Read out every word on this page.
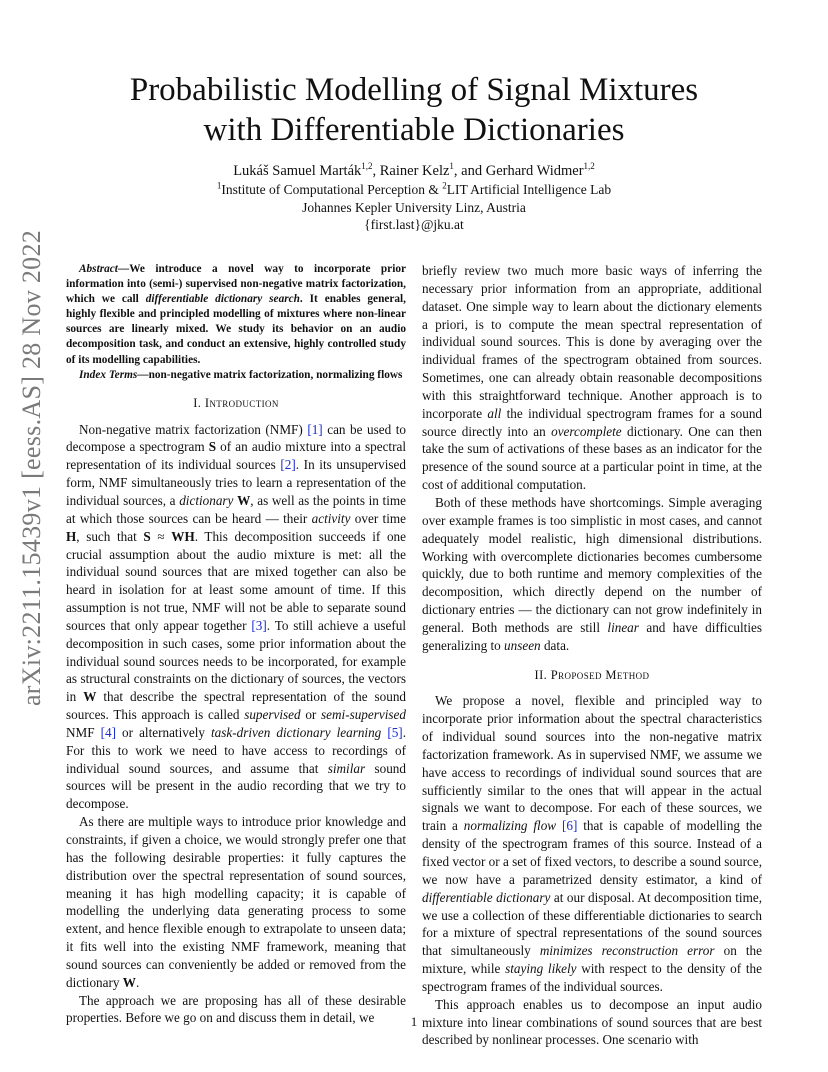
arXiv:2211.15439v1 [eess.AS] 28 Nov 2022
Probabilistic Modelling of Signal Mixtures
with Differentiable Dictionaries
Lukáš Samuel Marták$^{1,2}$, Rainer Kelz$^1$, and Gerhard Widmer$^{1,2}$
$^1$Institute of Computational Perception & $^2$LIT Artificial Intelligence Lab
Johannes Kepler University Linz, Austria
{first.last}@jku.at

Abstract—We introduce a novel way to incorporate prior information into (semi-) supervised non-negative matrix factorization, which we call differentiable dictionary search. It enables general, highly flexible and principled modelling of mixtures where non-linear sources are linearly mixed. We study its behavior on an audio decomposition task, and conduct an extensive, highly controlled study of its modelling capabilities.

Index Terms—non-negative matrix factorization, normalizing flows

I. Introduction

Non-negative matrix factorization (NMF) [1] can be used to decompose a spectrogram S of an audio mixture into a spectral representation of its individual sources [2]. In its unsupervised form, NMF simultaneously tries to learn a representation of the individual sources, a dictionary W, as well as the points in time at which those sources can be heard — their activity over time H, such that S ≈ WH. This decomposition succeeds if one crucial assumption about the audio mixture is met: all the individual sound sources that are mixed together can also be heard in isolation for at least some amount of time. If this assumption is not true, NMF will not be able to separate sound sources that only appear together [3]. To still achieve a useful decomposition in such cases, some prior information about the individual sound sources needs to be incorporated, for example as structural constraints on the dictionary of sources, the vectors in W that describe the spectral representation of the sound sources. This approach is called supervised or semi-supervised NMF [4] or alternatively task-driven dictionary learning [5]. For this to work we need to have access to recordings of individual sound sources, and assume that similar sound sources will be present in the audio recording that we try to decompose.

As there are multiple ways to introduce prior knowledge and constraints, if given a choice, we would strongly prefer one that has the following desirable properties: it fully captures the distribution over the spectral representation of sound sources, meaning it has high modelling capacity; it is capable of modelling the underlying data generating process to some extent, and hence flexible enough to extrapolate to unseen data; it fits well into the existing NMF framework, meaning that sound sources can conveniently be added or removed from the dictionary W.

The approach we are proposing has all of these desirable properties. Before we go on and discuss them in detail, we

briefly review two much more basic ways of inferring the necessary prior information from an appropriate, additional dataset. One simple way to learn about the dictionary elements a priori, is to compute the mean spectral representation of individual sound sources. This is done by averaging over the individual frames of the spectrogram obtained from sources. Sometimes, one can already obtain reasonable decompositions with this straightforward technique. Another approach is to incorporate all the individual spectrogram frames for a sound source directly into an overcomplete dictionary. One can then take the sum of activations of these bases as an indicator for the presence of the sound source at a particular point in time, at the cost of additional computation.

Both of these methods have shortcomings. Simple averaging over example frames is too simplistic in most cases, and cannot adequately model realistic, high dimensional distributions. Working with overcomplete dictionaries becomes cumbersome quickly, due to both runtime and memory complexities of the decomposition, which directly depend on the number of dictionary entries — the dictionary can not grow indefinitely in general. Both methods are still linear and have difficulties generalizing to unseen data.

II. Proposed Method

We propose a novel, flexible and principled way to incorporate prior information about the spectral characteristics of individual sound sources into the non-negative matrix factorization framework. As in supervised NMF, we assume we have access to recordings of individual sound sources that are sufficiently similar to the ones that will appear in the actual signals we want to decompose. For each of these sources, we train a normalizing flow [6] that is capable of modelling the density of the spectrogram frames of this source. Instead of a fixed vector or a set of fixed vectors, to describe a sound source, we now have a parametrized density estimator, a kind of differentiable dictionary at our disposal. At decomposition time, we use a collection of these differentiable dictionaries to search for a mixture of spectral representations of the sound sources that simultaneously minimizes reconstruction error on the mixture, while staying likely with respect to the density of the spectrogram frames of the individual sources.

This approach enables us to decompose an input audio mixture into linear combinations of sound sources that are best described by nonlinear processes. One scenario with

1
